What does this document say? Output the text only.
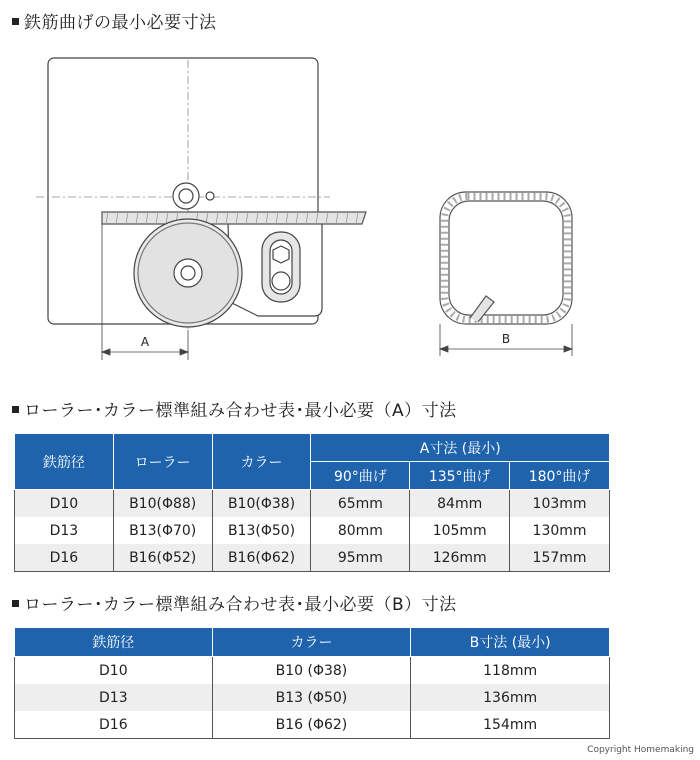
鉄筋曲げの最小必要寸法
A	B
ローラー･カラー標準組み合わせ表･最小必要（A）寸法
鉄筋径	ローラー	カラー	A寸法 (最小)		
			90°曲げ	135°曲げ	180°曲げ
D10	B10(Φ88)	B10(Φ38)	65mm	84mm	103mm
D13	B13(Φ70)	B13(Φ50)	80mm	105mm	130mm
D16	B16(Φ52)	B16(Φ62)	95mm	126mm	157mm
ローラー･カラー標準組み合わせ表･最小必要（B）寸法
鉄筋径	カラー	B寸法 (最小)
D10	B10 (Φ38)	118mm
D13	B13 (Φ50)	136mm
D16	B16 (Φ62)	154mm
Copyright Homemaking
